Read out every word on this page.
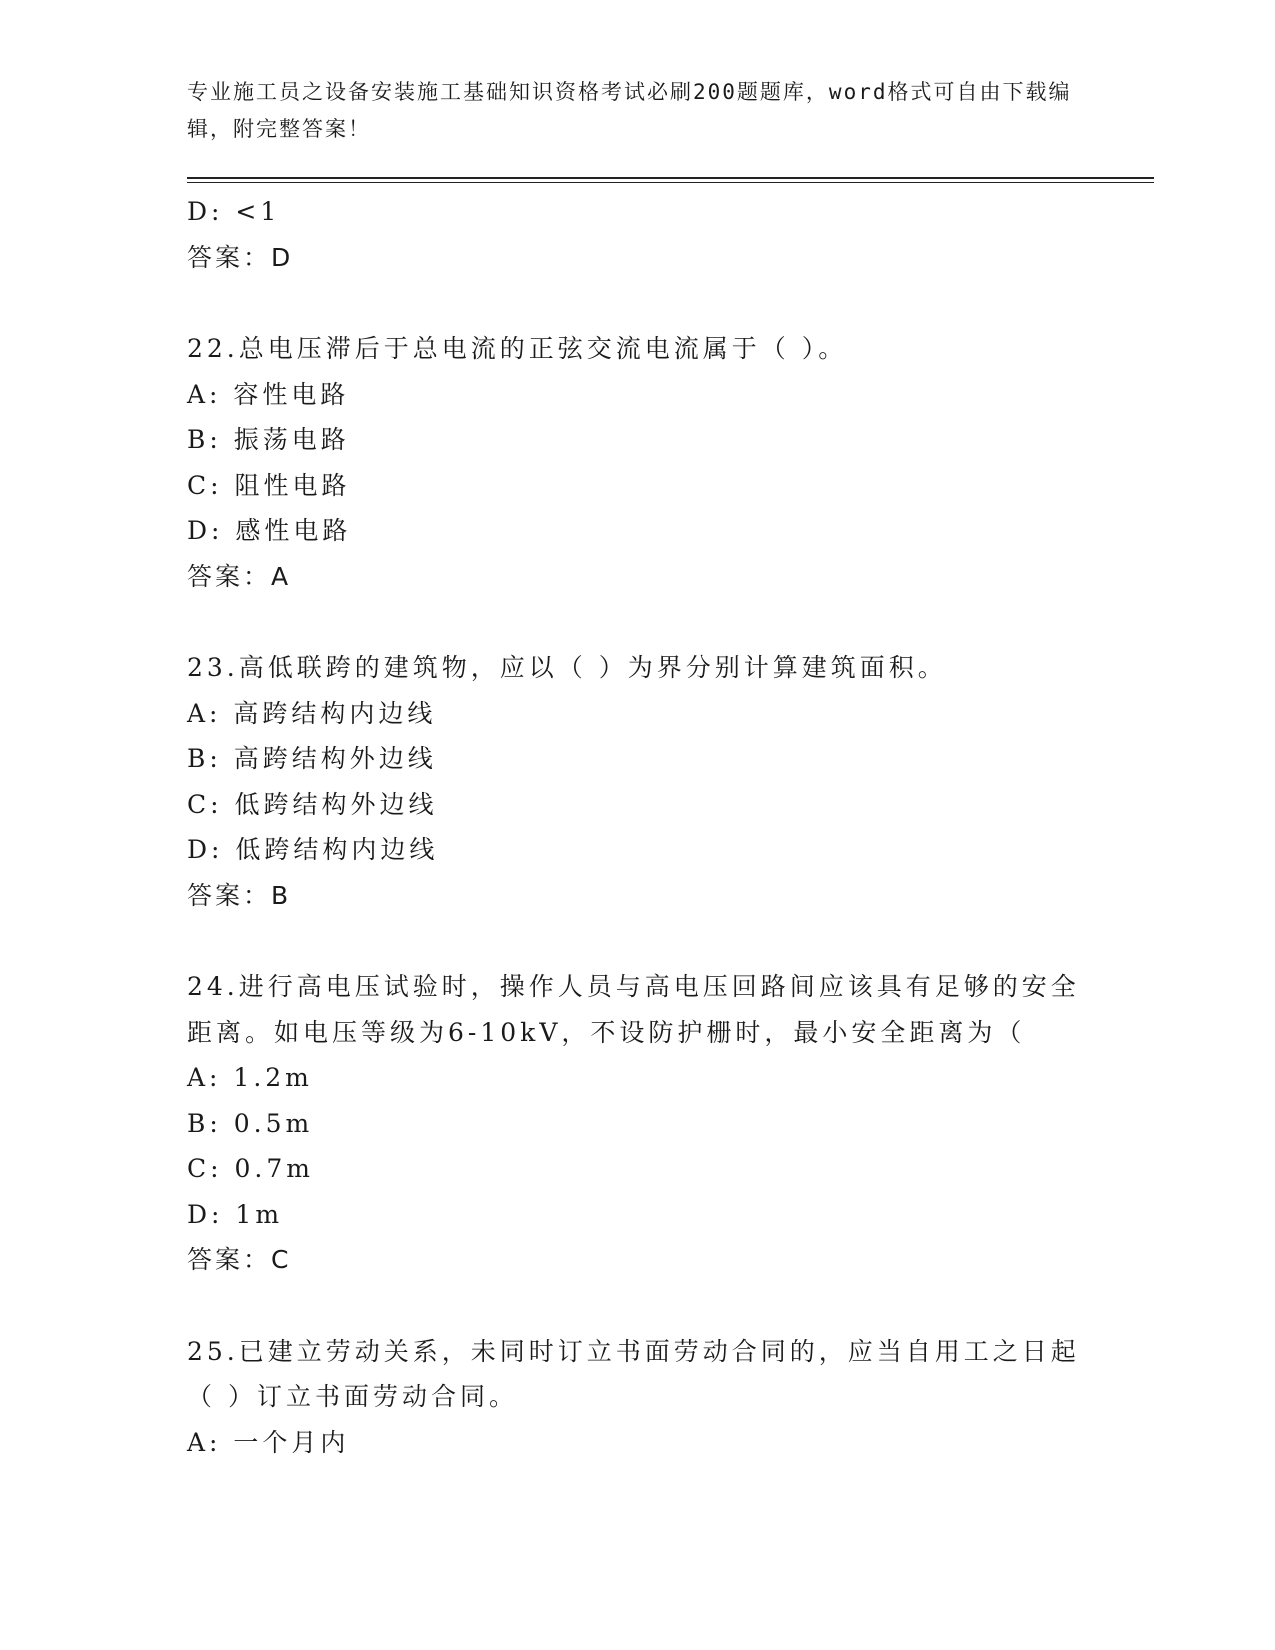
专业施工员之设备安装施工基础知识资格考试必刷200题题库，word格式可自由下载编辑，附完整答案！
D: <1
答案：D
22.总电压滞后于总电流的正弦交流电流属于（ ）。
A: 容性电路
B: 振荡电路
C: 阻性电路
D: 感性电路
答案：A
23.高低联跨的建筑物，应以（ ）为界分别计算建筑面积。
A: 高跨结构内边线
B: 高跨结构外边线
C: 低跨结构外边线
D: 低跨结构内边线
答案：B
24.进行高电压试验时，操作人员与高电压回路间应该具有足够的安全
距离。如电压等级为6-10kV，不设防护栅时，最小安全距离为（
A: 1.2m
B: 0.5m
C: 0.7m
D: 1m
答案：C
25.已建立劳动关系，未同时订立书面劳动合同的，应当自用工之日起
（ ）订立书面劳动合同。
A: 一个月内
